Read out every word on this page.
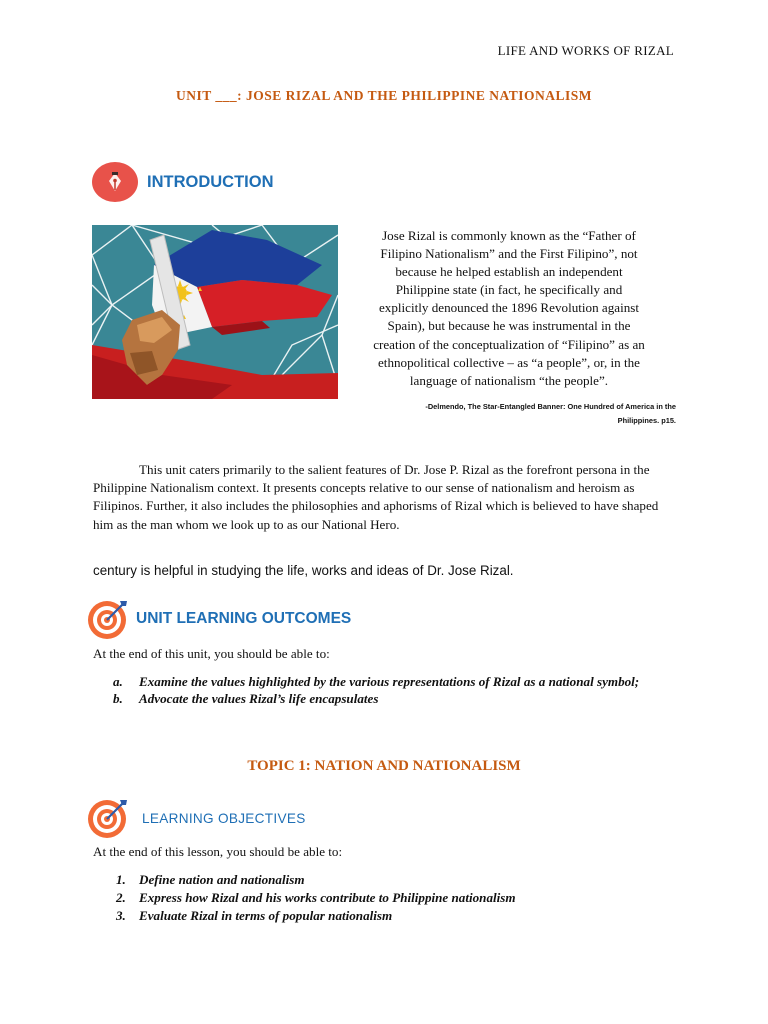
LIFE AND WORKS OF RIZAL
UNIT ___: JOSE RIZAL AND THE PHILIPPINE NATIONALISM
INTRODUCTION
Jose Rizal is commonly known as the “Father of
Filipino Nationalism” and the First Filipino”, not
because he helped establish an independent
Philippine state (in fact, he specifically and
explicitly denounced the 1896 Revolution against
Spain), but because he was instrumental in the
creation of the conceptualization of “Filipino” as an
ethnopolitical collective – as “a people”, or, in the
language of nationalism “the people”.
-Delmendo, The Star-Entangled Banner: One Hundred of America in the
Philippines. p15.

This unit caters primarily to the salient features of Dr. Jose P. Rizal as the forefront persona in the Philippine Nationalism context. It presents concepts relative to our sense of nationalism and heroism as Filipinos. Further, it also includes the philosophies and aphorisms of Rizal which is believed to have shaped him as the man whom we look up to as our National Hero.

century is helpful in studying the life, works and ideas of Dr. Jose Rizal.
UNIT LEARNING OUTCOMES
At the end of this unit, you should be able to:
a.	Examine the values highlighted by the various representations of Rizal as a national symbol;
b.	Advocate the values Rizal’s life encapsulates
TOPIC 1: NATION AND NATIONALISM
LEARNING OBJECTIVES
At the end of this lesson, you should be able to:
1.	Define nation and nationalism
2.	Express how Rizal and his works contribute to Philippine nationalism
3.	Evaluate Rizal in terms of popular nationalism
